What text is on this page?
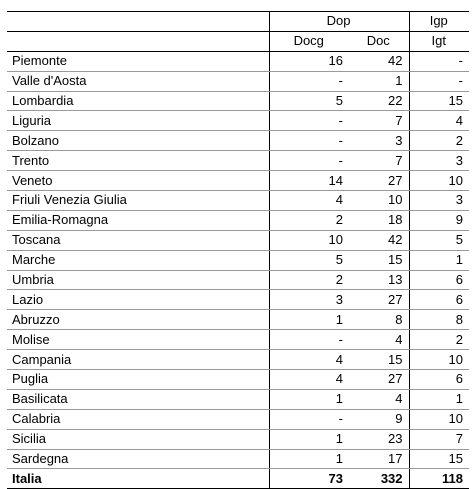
	Dop		Igp
	Docg	Doc	Igt
Piemonte	16	42	-
Valle d'Aosta	-	1	-
Lombardia	5	22	15
Liguria	-	7	4
Bolzano	-	3	2
Trento	-	7	3
Veneto	14	27	10
Friuli Venezia Giulia	4	10	3
Emilia-Romagna	2	18	9
Toscana	10	42	5
Marche	5	15	1
Umbria	2	13	6
Lazio	3	27	6
Abruzzo	1	8	8
Molise	-	4	2
Campania	4	15	10
Puglia	4	27	6
Basilicata	1	4	1
Calabria	-	9	10
Sicilia	1	23	7
Sardegna	1	17	15
Italia	73	332	118
